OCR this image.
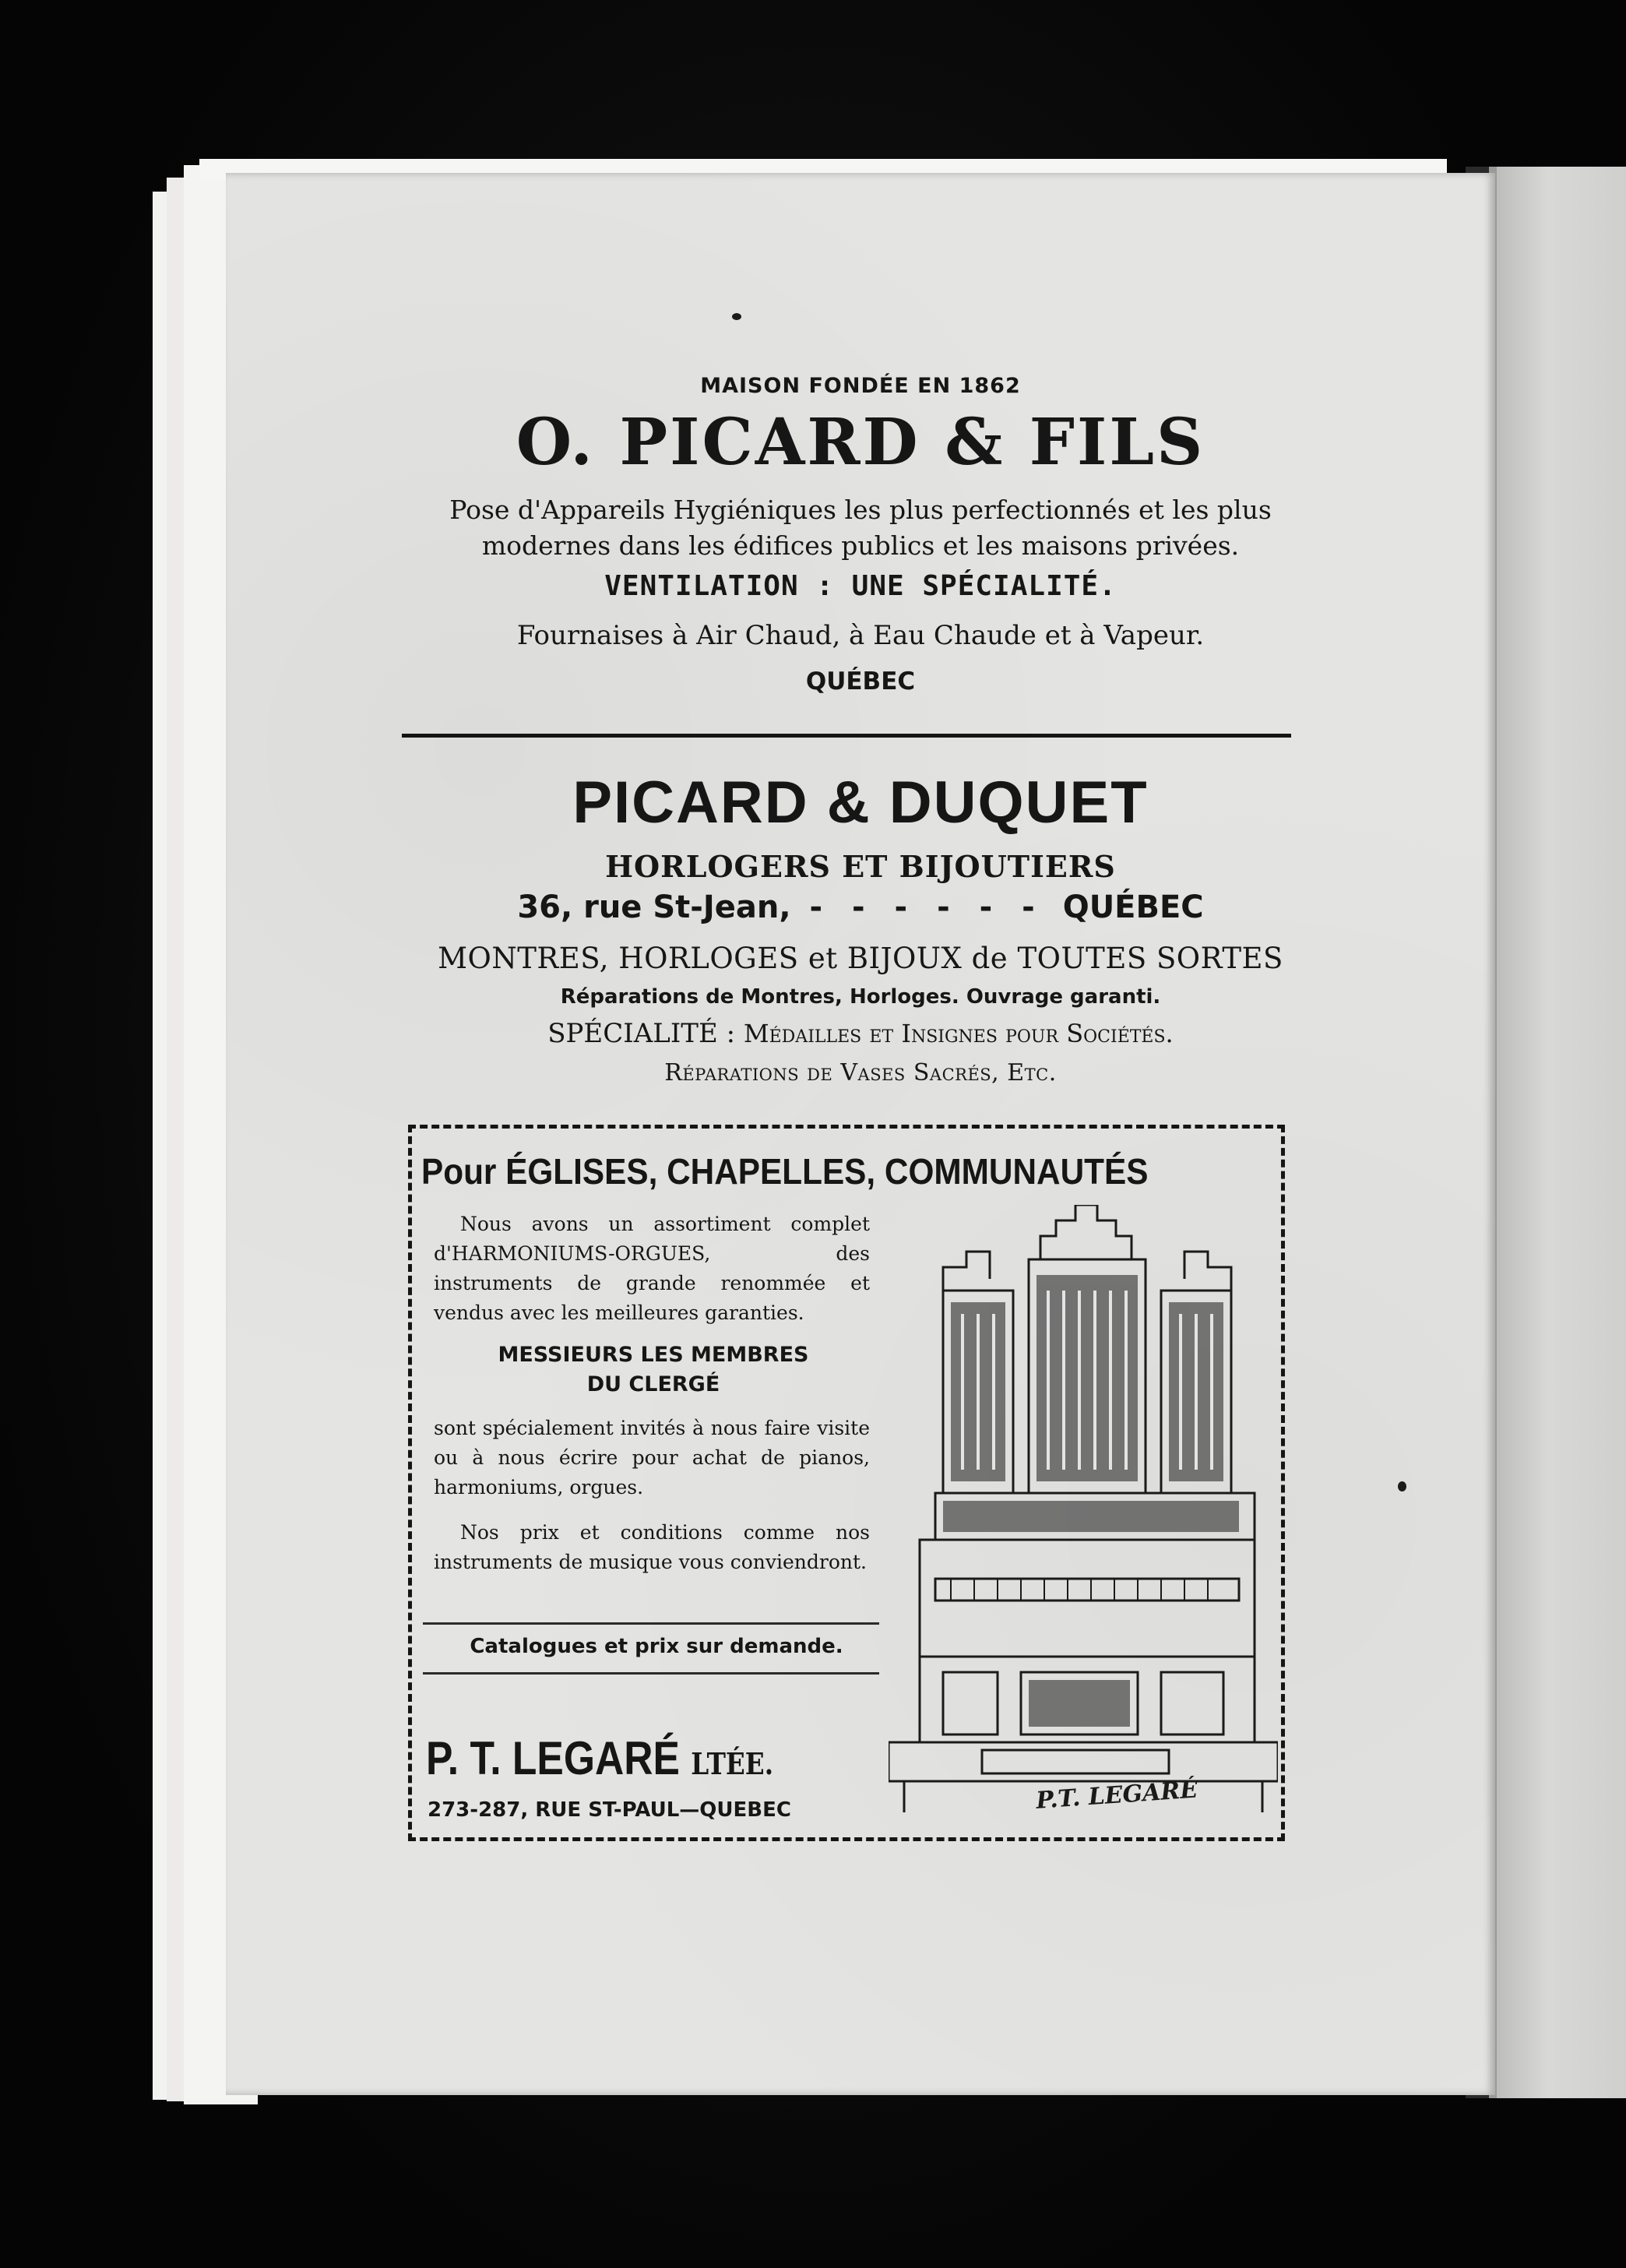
MAISON FONDÉE EN 1862
O. PICARD & FILS
Pose d'Appareils Hygiéniques les plus perfectionnés et les plus
modernes dans les édifices publics et les maisons privées.
VENTILATION : UNE SPÉCIALITÉ.
Fournaises à Air Chaud, à Eau Chaude et à Vapeur.
QUÉBEC
PICARD & DUQUET
HORLOGERS ET BIJOUTIERS
36, rue St-Jean, - - - - - - QUÉBEC
MONTRES, HORLOGES et BIJOUX de TOUTES SORTES
Réparations de Montres, Horloges. Ouvrage garanti.
SPÉCIALITÉ : Médailles et Insignes pour Sociétés.
Réparations de Vases Sacrés, Etc.
Pour ÉGLISES, CHAPELLES, COMMUNAUTÉS

Nous avons un assortiment complet d'HARMONIUMS-ORGUES, des instruments de grande renommée et vendus avec les meilleures garanties.

MESSIEURS LES MEMBRES
DU CLERGÉ

sont spécialement invités à nous faire visite ou à nous écrire pour achat de pianos, harmoniums, orgues.

Nos prix et conditions comme nos instruments de musique vous conviendront.

Catalogues et prix sur demande.
P. T. LEGARÉ LTÉE.
273-287, RUE ST-PAUL—QUEBEC	P.T. LEGARÉ
